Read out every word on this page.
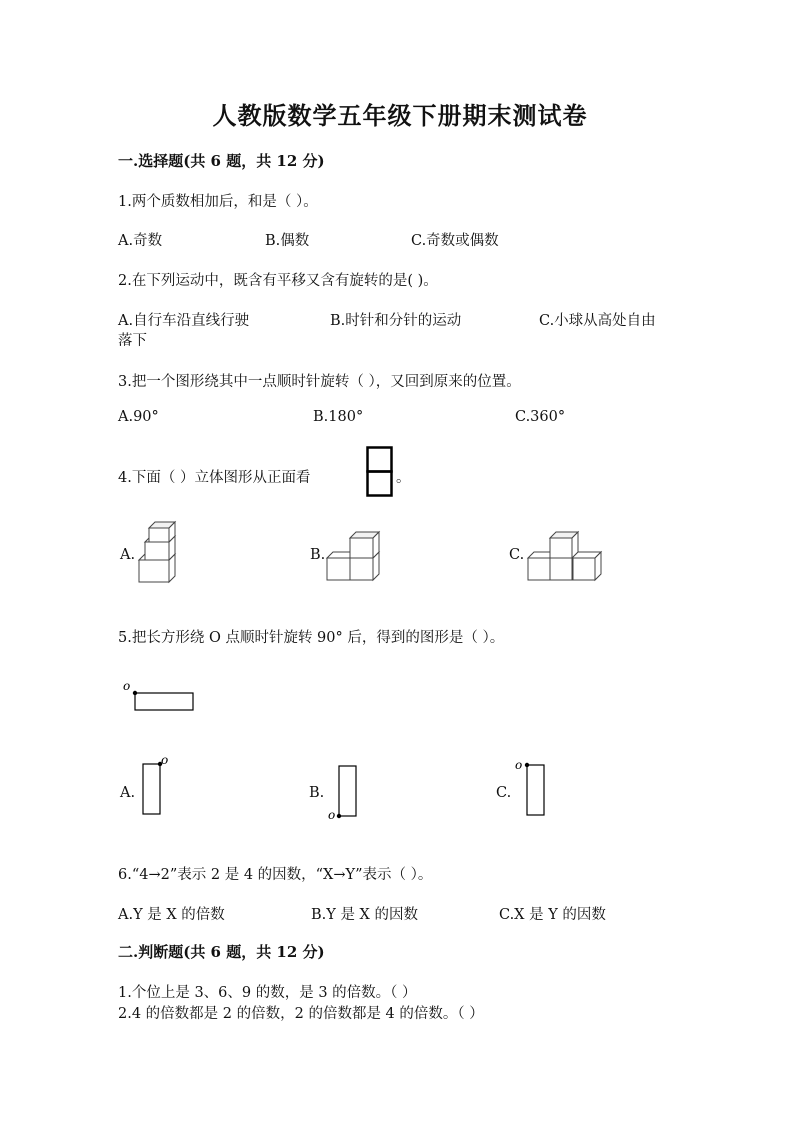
人教版数学五年级下册期末测试卷
一.选择题(共 6 题，共 12 分)
1.两个质数相加后，和是（ ）。
A.奇数	B.偶数	C.奇数或偶数
2.在下列运动中，既含有平移又含有旋转的是( )。
A.自行车沿直线行驶	B.时针和分针的运动	C.小球从高处自由
落下
3.把一个图形绕其中一点顺时针旋转（ ），又回到原来的位置。
A.90°	B.180°	C.360°
4.下面（ ）立体图形从正面看	。
A.	B.	C.
5.把长方形绕 O 点顺时针旋转 90° 后，得到的图形是（ ）。
o
A.
o
B.
o
C.
o
6.“4→2”表示 2 是 4 的因数，“X→Y”表示（ ）。
A.Y 是 X 的倍数	B.Y 是 X 的因数	C.X 是 Y 的因数
二.判断题(共 6 题，共 12 分)
1.个位上是 3、6、9 的数，是 3 的倍数。（ ）
2.4 的倍数都是 2 的倍数，2 的倍数都是 4 的倍数。（ ）
